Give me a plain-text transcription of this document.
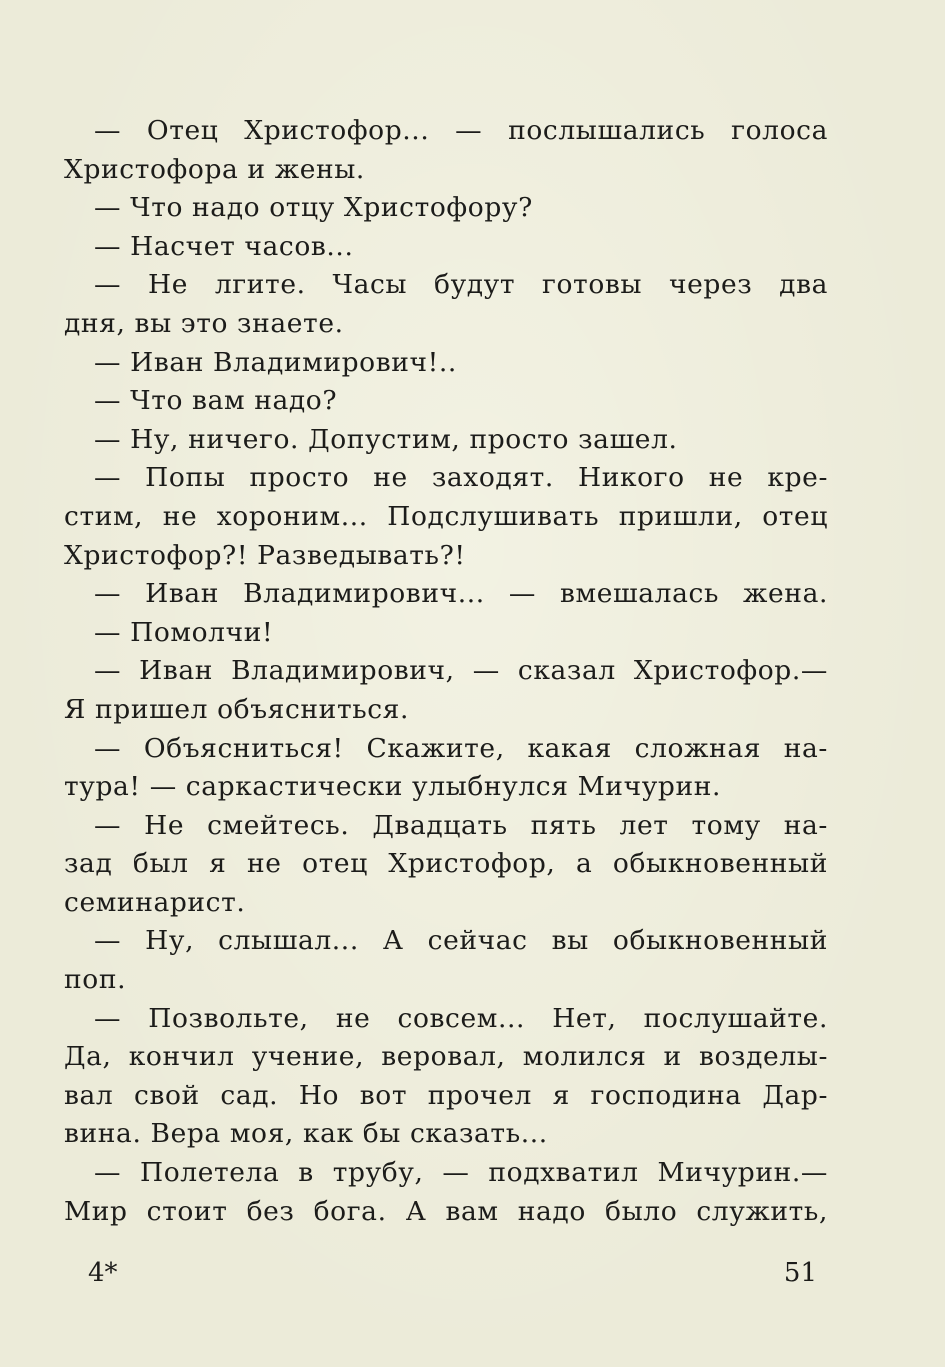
— Отец Христофор... — послышались голоса
Христофора и жены.
— Что надо отцу Христофору?
— Насчет часов...
— Не лгите. Часы будут готовы через два
дня, вы это знаете.
— Иван Владимирович!..
— Что вам надо?
— Ну, ничего. Допустим, просто зашел.
— Попы просто не заходят. Никого не кре-
стим, не хороним... Подслушивать пришли, отец
Христофор?! Разведывать?!
— Иван Владимирович... — вмешалась жена.
— Помолчи!
— Иван Владимирович, — сказал Христофор.—
Я пришел объясниться.
— Объясниться! Скажите, какая сложная на-
тура! — саркастически улыбнулся Мичурин.
— Не смейтесь. Двадцать пять лет тому на-
зад был я не отец Христофор, а обыкновенный
семинарист.
— Ну, слышал... А сейчас вы обыкновенный
поп.
— Позвольте, не совсем... Нет, послушайте.
Да, кончил учение, веровал, молился и возделы-
вал свой сад. Но вот прочел я господина Дар-
вина. Вера моя, как бы сказать...
— Полетела в трубу, — подхватил Мичурин.—
Мир стоит без бога. А вам надо было служить,
4*	51
